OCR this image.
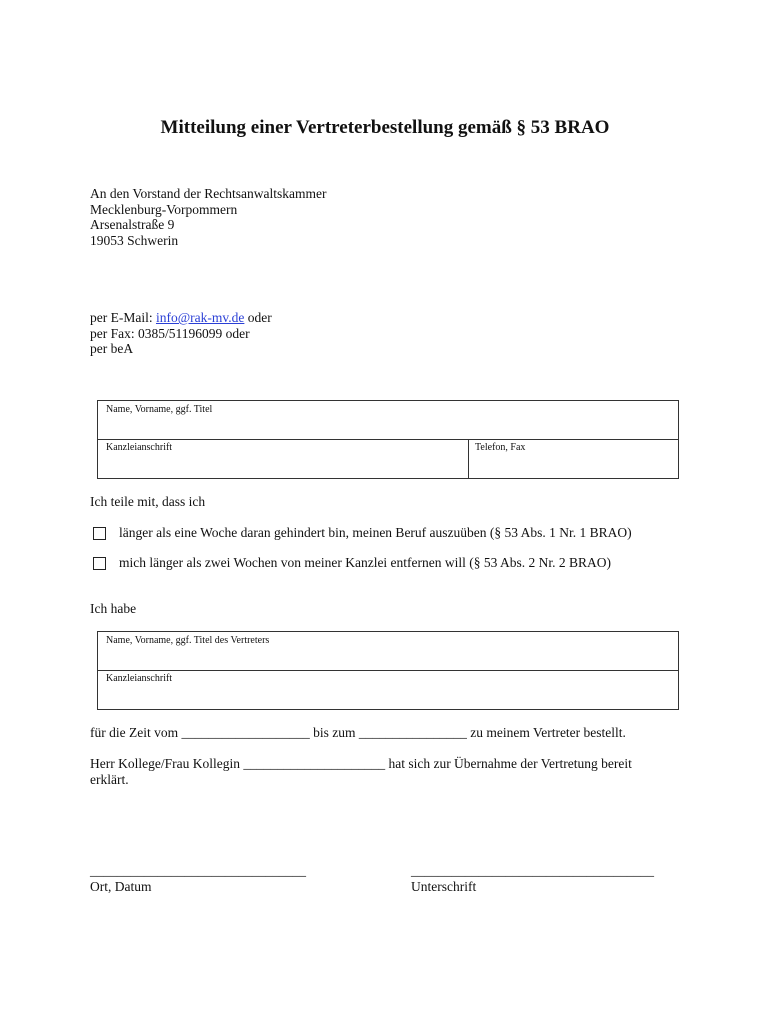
Mitteilung einer Vertreterbestellung gemäß § 53 BRAO
An den Vorstand der Rechtsanwaltskammer
Mecklenburg-Vorpommern
Arsenalstraße 9
19053 Schwerin
per E-Mail: info@rak-mv.de oder
per Fax: 0385/51196099 oder
per beA
Name, Vorname, ggf. Titel
Kanzleianschrift	Telefon, Fax
Ich teile mit, dass ich
länger als eine Woche daran gehindert bin, meinen Beruf auszuüben (§ 53 Abs. 1 Nr. 1 BRAO)
mich länger als zwei Wochen von meiner Kanzlei entfernen will (§ 53 Abs. 2 Nr. 2 BRAO)
Ich habe
Name, Vorname, ggf. Titel des Vertreters
Kanzleianschrift
für die Zeit vom ___________________ bis zum ________________ zu meinem Vertreter bestellt.
Herr Kollege/Frau Kollegin _____________________ hat sich zur Übernahme der Vertretung bereit
erklärt.
________________________________
Ort, Datum
____________________________________
Unterschrift
